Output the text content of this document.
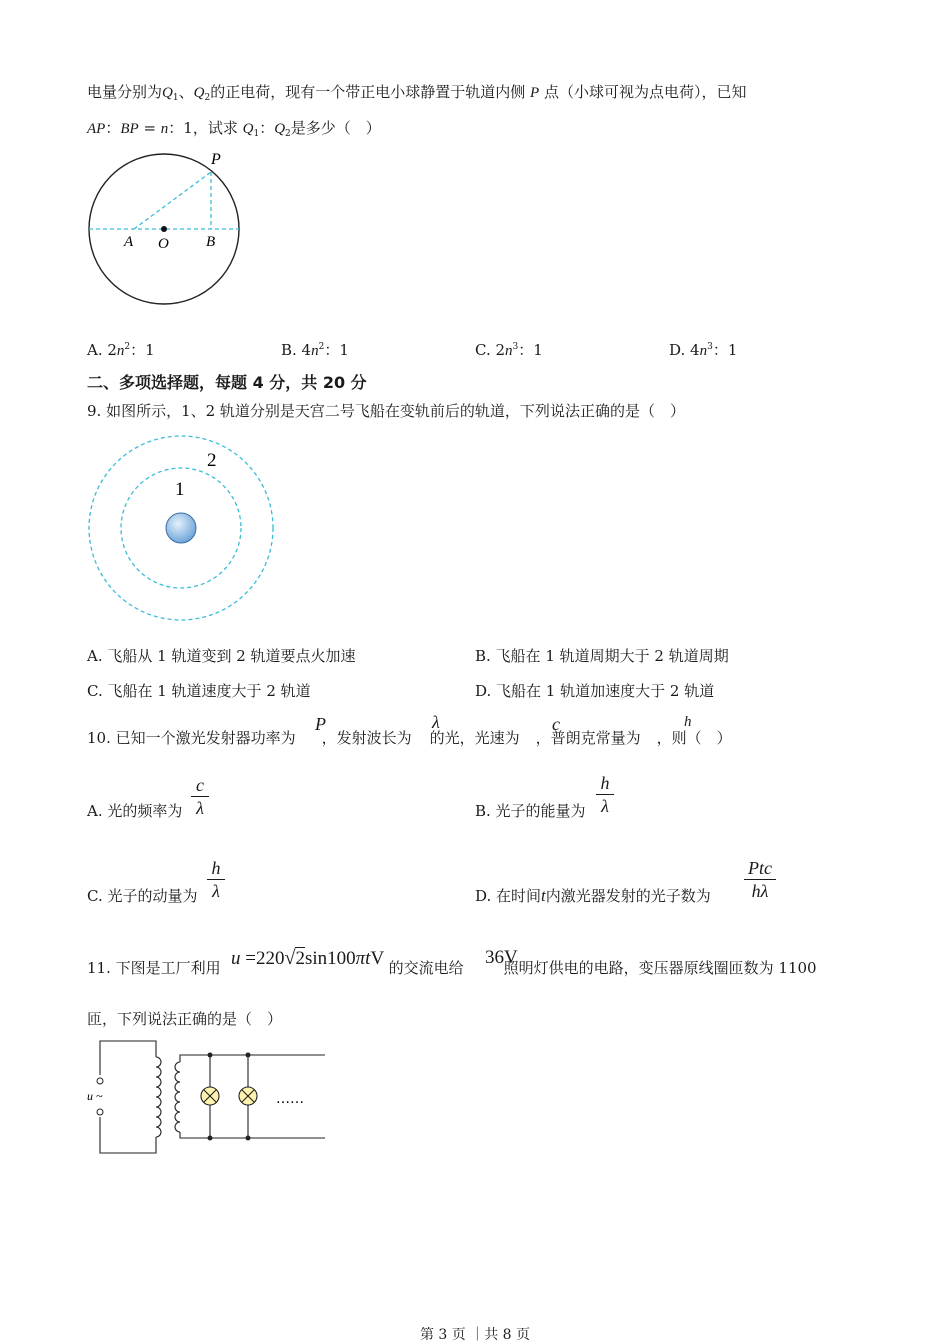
电量分别为$Q_1$、$Q_2$的正电荷，现有一个带正电小球静置于轨道内侧 P 点（小球可视为点电荷），已知
AP：BP = n：1，试求 $Q_1$：$Q_2$是多少（　）
P
A O B
A. $2n^2$：1	B. $4n^2$：1	C. $2n^3$：1	D. $4n^3$：1
二、多项选择题，每题 4 分，共 20 分
9. 如图所示，1、2 轨道分别是天宫二号飞船在变轨前后的轨道，下列说法正确的是（　）
1
2
A. 飞船从 1 轨道变到 2 轨道要点火加速	B. 飞船在 1 轨道周期大于 2 轨道周期
C. 飞船在 1 轨道速度大于 2 轨道	D. 飞船在 1 轨道加速度大于 2 轨道
10. 已知一个激光发射器功率为 ，发射波长为 的光，光速为 ，普朗克常量为 ，则（　）
P	λ	c	h
A. 光的频率为
c
λ	B. 光子的能量为
h
λ
C. 光子的动量为
h
λ	D. 在时间t内激光器发射的光子数为
Ptc
hλ
11. 下图是工厂利用	的交流电给	照明灯供电的电路，变压器原线圈匝数为 1100
u =220√2sin100πtV	36V
匝，下列说法正确的是（　）
u ~	……
第 3 页 ｜共 8 页
